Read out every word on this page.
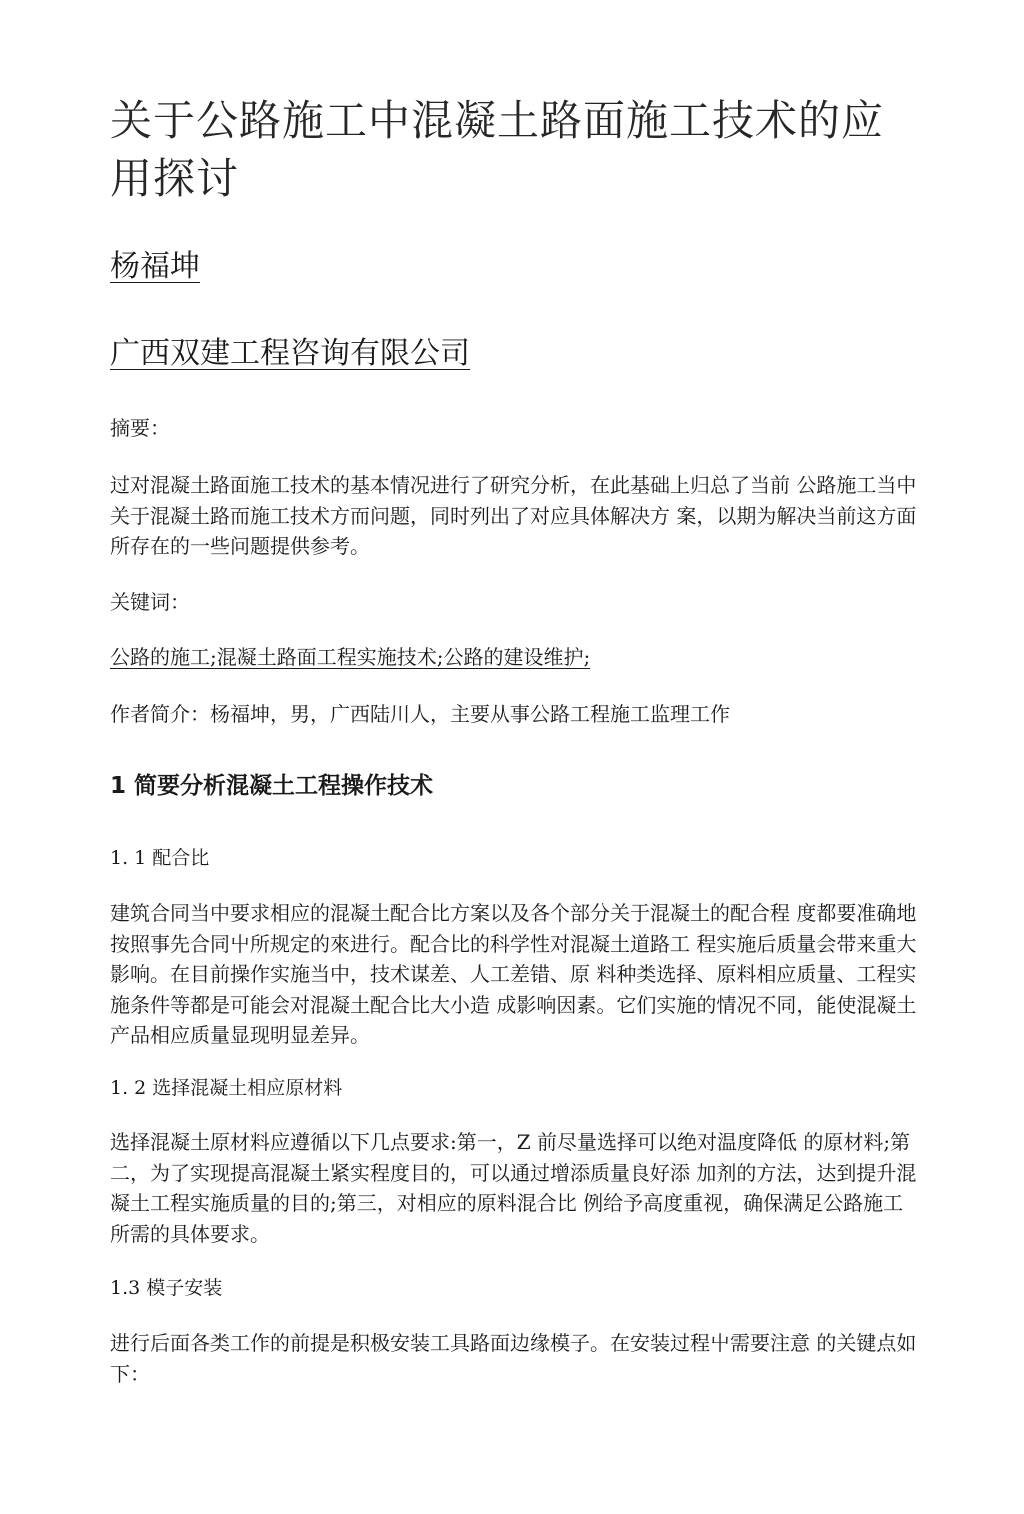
关于公路施工中混凝土路面施工技术的应用探讨
杨福坤
广西双建工程咨询有限公司
摘要：

过对混凝土路面施工技术的基本情况进行了研究分析，在此基础上归总了当前 公路施工当中关于混凝土路而施工技术方而问题，同时列出了对应具体解决方 案，以期为解决当前这方面所存在的一些问题提供参考。

关键词：
公路的施工;混凝土路面工程实施技术;公路的建设维护;
作者简介：杨福坤，男，广西陆川人，主要从事公路工程施工监理工作
1 简要分析混凝土工程操作技术
1. 1 配合比

建筑合同当中要求相应的混凝土配合比方案以及各个部分关于混凝土的配合程 度都要准确地按照事先合同屮所规定的來进行。配合比的科学性对混凝土道路工 程实施后质量会带来重大影响。在目前操作实施当中，技术谋差、人工差错、原 料种类选择、原料相应质量、工程实施条件等都是可能会对混凝土配合比大小造 成影响因素。它们实施的情况不同，能使混凝土产品相应质量显现明显差异。

1. 2 选择混凝土相应原材料

选择混凝土原材料应遵循以下几点要求:第一，Z 前尽量选择可以绝对温度降低 的原材料;第二，为了实现提高混凝土紧实程度目的，可以通过增添质量良好添 加剂的方法，达到提升混凝土工程实施质量的目的;第三，对相应的原料混合比 例给予高度重视，确保满足公路施工所需的具体要求。

1.3 模子安装

进行后面各类工作的前提是积极安装工具路面边缘模子。在安装过程屮需要注意 的关键点如下：
